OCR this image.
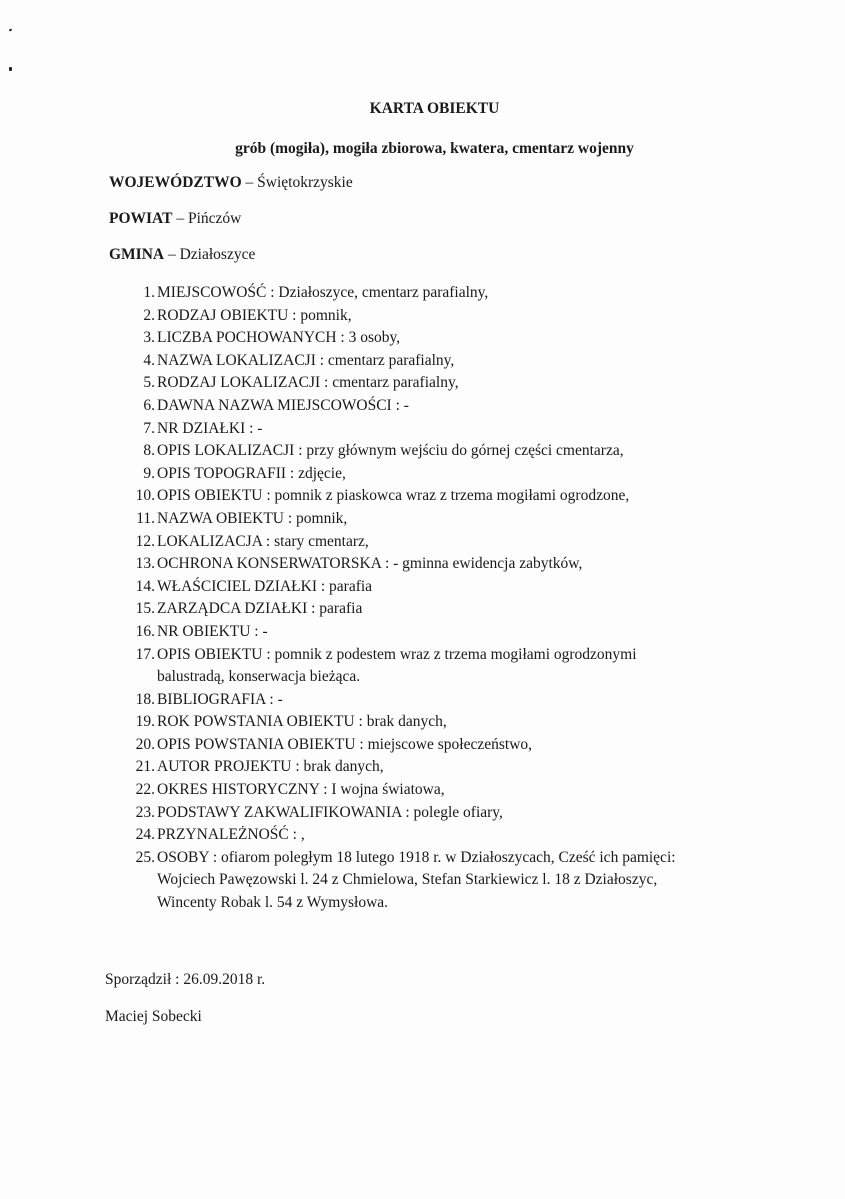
KARTA OBIEKTU
grób (mogiła), mogiła zbiorowa, kwatera, cmentarz wojenny
WOJEWÓDZTWO – Świętokrzyskie
POWIAT – Pińczów
GMINA – Działoszyce
1. MIEJSCOWOŚĆ : Działoszyce, cmentarz parafialny,
2. RODZAJ OBIEKTU : pomnik,
3. LICZBA POCHOWANYCH : 3 osoby,
4. NAZWA LOKALIZACJI : cmentarz parafialny,
5. RODZAJ LOKALIZACJI : cmentarz parafialny,
6. DAWNA NAZWA MIEJSCOWOŚCI : -
7. NR DZIAŁKI : -
8. OPIS LOKALIZACJI : przy głównym wejściu do górnej części cmentarza,
9. OPIS TOPOGRAFII : zdjęcie,
10. OPIS OBIEKTU : pomnik z piaskowca wraz z trzema mogiłami ogrodzone,
11. NAZWA OBIEKTU : pomnik,
12. LOKALIZACJA : stary cmentarz,
13. OCHRONA KONSERWATORSKA : - gminna ewidencja zabytków,
14. WŁAŚCICIEL DZIAŁKI : parafia
15. ZARZĄDCA DZIAŁKI : parafia
16. NR OBIEKTU : -
17. OPIS OBIEKTU : pomnik z podestem wraz z trzema mogiłami ogrodzonymi
balustradą, konserwacja bieżąca.
18. BIBLIOGRAFIA : -
19. ROK POWSTANIA OBIEKTU : brak danych,
20. OPIS POWSTANIA OBIEKTU : miejscowe społeczeństwo,
21. AUTOR PROJEKTU : brak danych,
22. OKRES HISTORYCZNY : I wojna światowa,
23. PODSTAWY ZAKWALIFIKOWANIA : polegle ofiary,
24. PRZYNALEŻNOŚĆ : ,
25. OSOBY : ofiarom poległym 18 lutego 1918 r. w Działoszycach, Cześć ich pamięci:
Wojciech Pawęzowski l. 24 z Chmielowa, Stefan Starkiewicz l. 18 z Działoszyc,
Wincenty Robak l. 54 z Wymysłowa.
Sporządził : 26.09.2018 r.
Maciej Sobecki
